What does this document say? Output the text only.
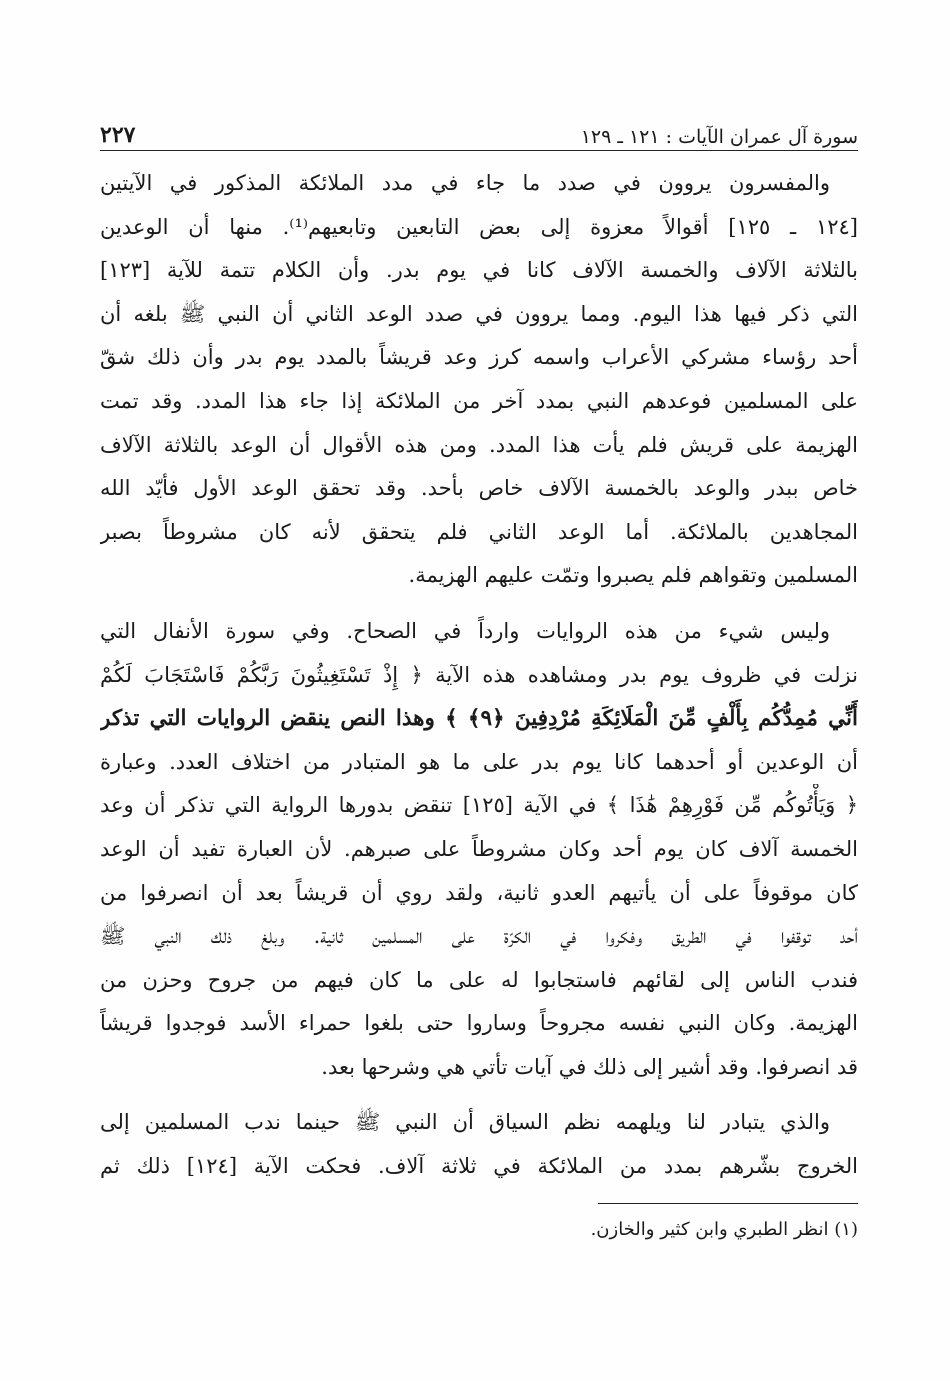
سورة آل عمران الآيات : ١٢١ ـ ١٢٩
٢٢٧
والمفسرون يروون في صدد ما جاء في مدد الملائكة المذكور في الآيتين
[١٢٤ ـ ١٢٥] أقوالاً معزوة إلى بعض التابعين وتابعيهم⁽¹⁾. منها أن الوعدين
بالثلاثة الآلاف والخمسة الآلاف كانا في يوم بدر. وأن الكلام تتمة للآية [١٢٣]
التي ذكر فيها هذا اليوم. ومما يروون في صدد الوعد الثاني أن النبي ﷺ بلغه أن
أحد رؤساء مشركي الأعراب واسمه كرز وعد قريشاً بالمدد يوم بدر وأن ذلك شقّ
على المسلمين فوعدهم النبي بمدد آخر من الملائكة إذا جاء هذا المدد. وقد تمت
الهزيمة على قريش فلم يأت هذا المدد. ومن هذه الأقوال أن الوعد بالثلاثة الآلاف
خاص ببدر والوعد بالخمسة الآلاف خاص بأحد. وقد تحقق الوعد الأول فأيّد الله
المجاهدين بالملائكة. أما الوعد الثاني فلم يتحقق لأنه كان مشروطاً بصبر
المسلمين وتقواهم فلم يصبروا وتمّت عليهم الهزيمة.
وليس شيء من هذه الروايات وارداً في الصحاح. وفي سورة الأنفال التي
نزلت في ظروف يوم بدر ومشاهده هذه الآية ﴿ إِذْ تَسْتَغِيثُونَ رَبَّكُمْ فَاسْتَجَابَ لَكُمْ
أَنِّي مُمِدُّكُم بِأَلْفٍ مِّنَ الْمَلَائِكَةِ مُرْدِفِينَ ﴿٩﴾ ﴾ وهذا النص ينقض الروايات التي تذكر
أن الوعدين أو أحدهما كانا يوم بدر على ما هو المتبادر من اختلاف العدد. وعبارة
﴿ وَيَأْتُوكُم مِّن فَوْرِهِمْ هَٰذَا ﴾ في الآية [١٢٥] تنقض بدورها الرواية التي تذكر أن وعد
الخمسة آلاف كان يوم أحد وكان مشروطاً على صبرهم. لأن العبارة تفيد أن الوعد
كان موقوفاً على أن يأتيهم العدو ثانية، ولقد روي أن قريشاً بعد أن انصرفوا من
أحد توقفوا في الطريق وفكروا في الكرّة على المسلمين ثانية. وبلغ ذلك النبي ﷺ
فندب الناس إلى لقائهم فاستجابوا له على ما كان فيهم من جروح وحزن من
الهزيمة. وكان النبي نفسه مجروحاً وساروا حتى بلغوا حمراء الأسد فوجدوا قريشاً
قد انصرفوا. وقد أشير إلى ذلك في آيات تأتي هي وشرحها بعد.
والذي يتبادر لنا ويلهمه نظم السياق أن النبي ﷺ حينما ندب المسلمين إلى
الخروج بشّرهم بمدد من الملائكة في ثلاثة آلاف. فحكت الآية [١٢٤] ذلك ثم
(١) انظر الطبري وابن كثير والخازن.
